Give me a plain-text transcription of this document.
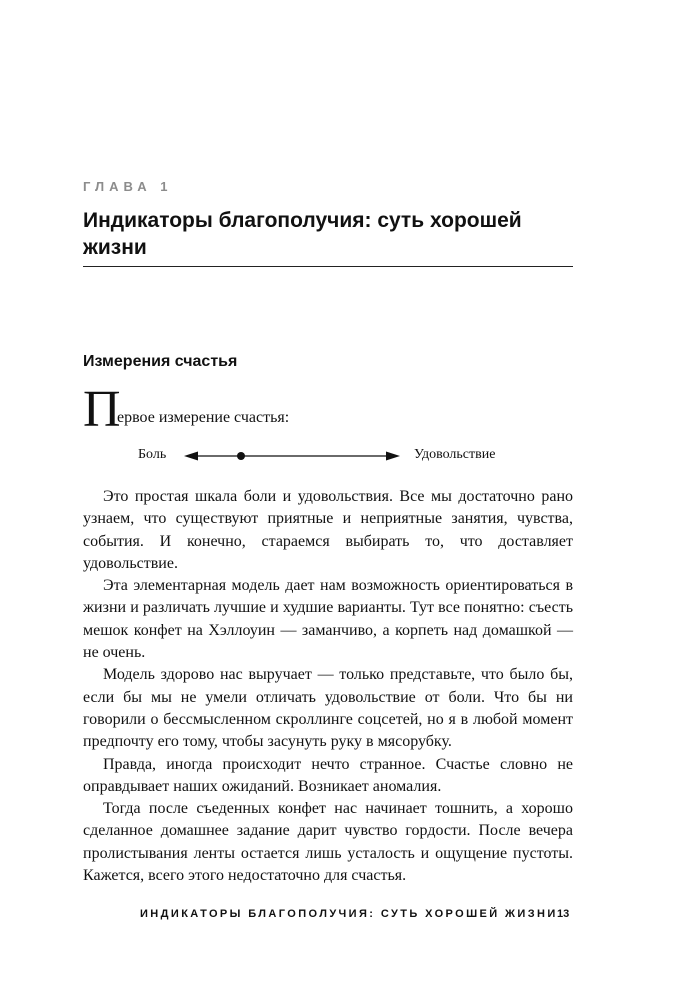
ГЛАВА 1
Индикаторы благополучия: суть хорошей жизни
Измерения счастья
П
ервое измерение счастья:
Боль	Удовольствие

Это простая шкала боли и удовольствия. Все мы достаточно рано узнаем, что существуют приятные и неприятные занятия, чувства, события. И конечно, стараемся выбирать то, что доставляет удовольствие.

Эта элементарная модель дает нам возможность ориентироваться в жизни и различать лучшие и худшие варианты. Тут все понятно: съесть мешок конфет на Хэллоуин — заманчиво, а корпеть над домашкой — не очень.

Модель здорово нас выручает — только представьте, что было бы, если бы мы не умели отличать удовольствие от боли. Что бы ни говорили о бессмысленном скроллинге соцсетей, но я в любой момент предпочту его тому, чтобы засунуть руку в мясорубку.

Правда, иногда происходит нечто странное. Счастье словно не оправдывает наших ожиданий. Возникает аномалия.

Тогда после съеденных конфет нас начинает тошнить, а хорошо сделанное домашнее задание дарит чувство гордости. После вечера пролистывания ленты остается лишь усталость и ощущение пустоты. Кажется, всего этого недостаточно для счастья.

ИНДИКАТОРЫ БЛАГОПОЛУЧИЯ: СУТЬ ХОРОШЕЙ ЖИЗНИ 13
